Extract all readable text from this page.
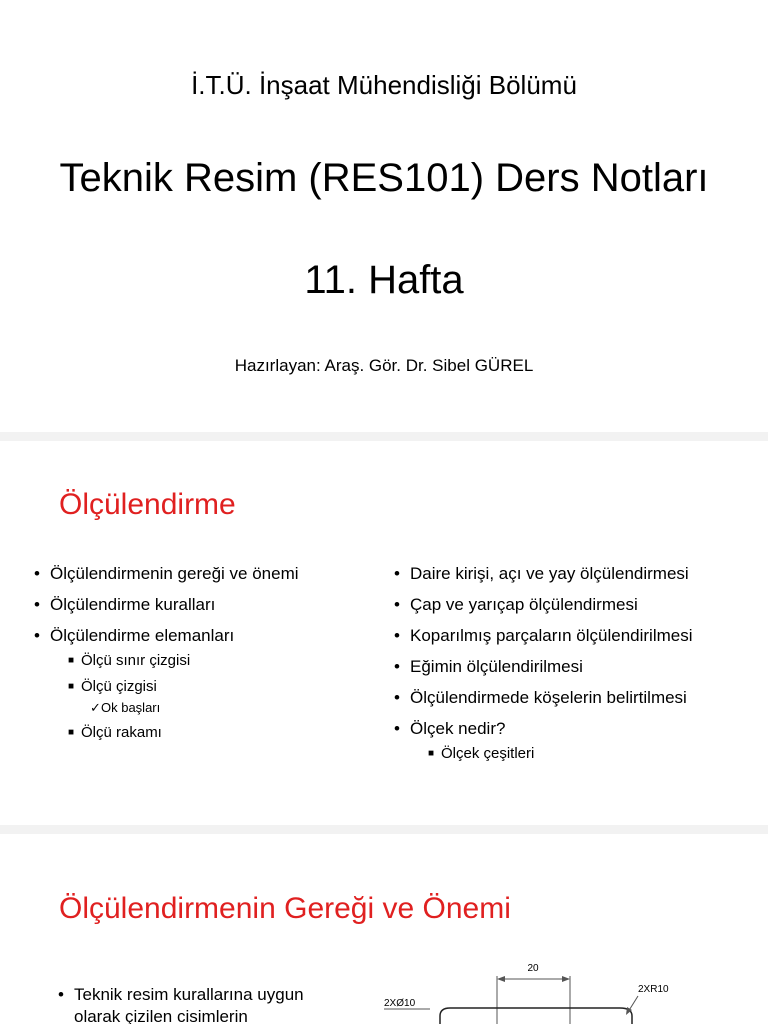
İ.T.Ü. İnşaat Mühendisliği Bölümü
Teknik Resim (RES101) Ders Notları
11. Hafta
Hazırlayan: Araş. Gör. Dr. Sibel GÜREL
Ölçülendirme
• Ölçülendirmenin gereği ve önemi
• Ölçülendirme kuralları
• Ölçülendirme elemanları
■ Ölçü sınır çizgisi
■ Ölçü çizgisi
✓Ok başları
■ Ölçü rakamı
• Daire kirişi, açı ve yay ölçülendirmesi
• Çap ve yarıçap ölçülendirmesi
• Koparılmış parçaların ölçülendirilmesi
• Eğimin ölçülendirilmesi
• Ölçülendirmede köşelerin belirtilmesi
• Ölçek nedir?
■ Ölçek çeşitleri
Ölçülendirmenin Gereği ve Önemi
• Teknik resim kurallarına uygun
olarak çizilen cisimlerin
20
2XØ10
2XR10
